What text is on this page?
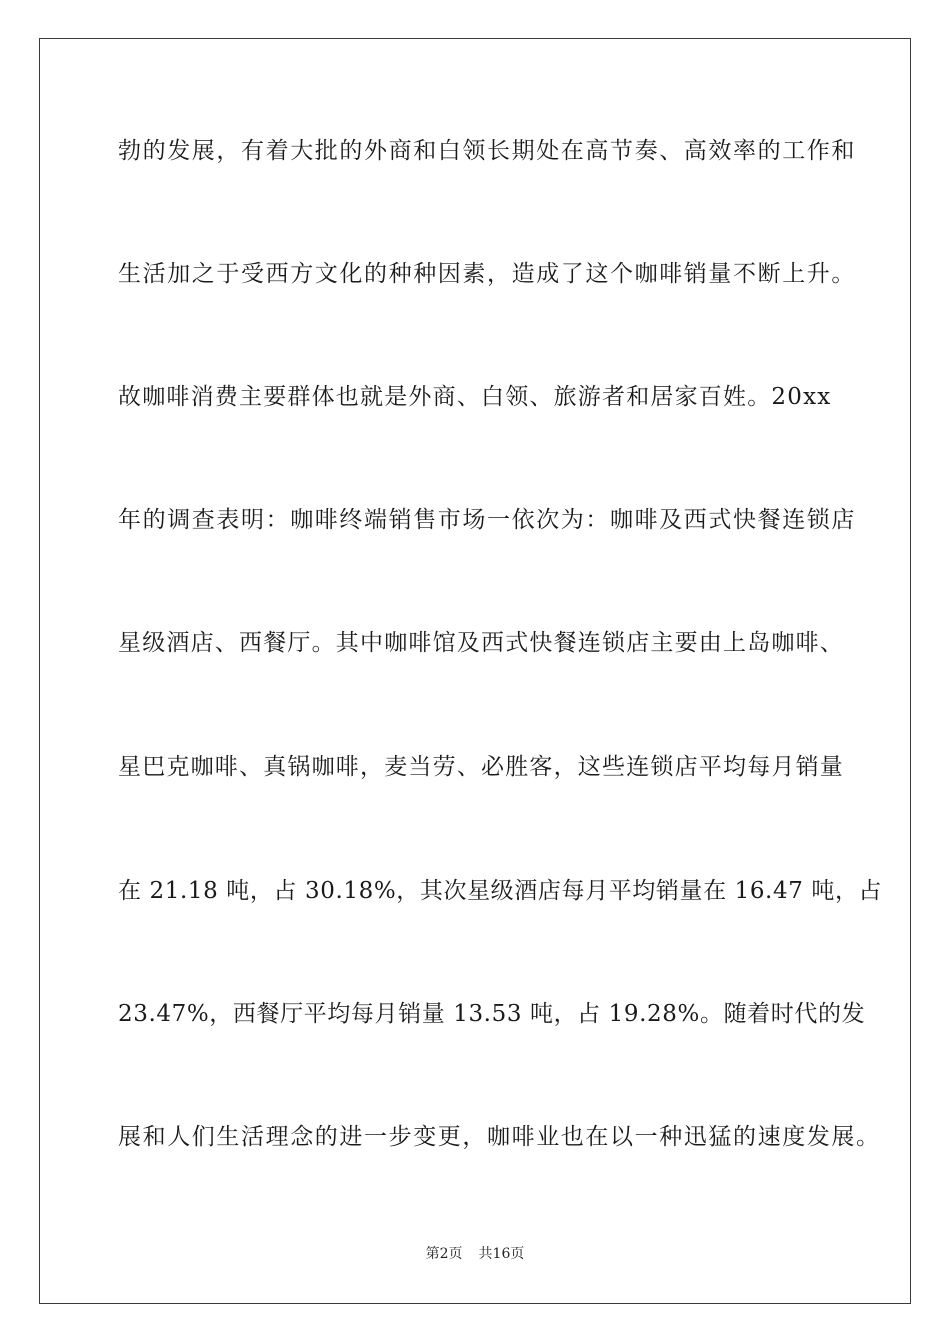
勃的发展，有着大批的外商和白领长期处在高节奏、高效率的工作和
生活加之于受西方文化的种种因素，造成了这个咖啡销量不断上升。
故咖啡消费主要群体也就是外商、白领、旅游者和居家百姓。20xx
年的调查表明：咖啡终端销售市场一依次为：咖啡及西式快餐连锁店
星级酒店、西餐厅。其中咖啡馆及西式快餐连锁店主要由上岛咖啡、
星巴克咖啡、真锅咖啡，麦当劳、必胜客，这些连锁店平均每月销量
在 21.18 吨，占 30.18%，其次星级酒店每月平均销量在 16.47 吨，占
23.47%，西餐厅平均每月销量 13.53 吨，占 19.28%。随着时代的发
展和人们生活理念的进一步变更，咖啡业也在以一种迅猛的速度发展。
第2页 共16页
